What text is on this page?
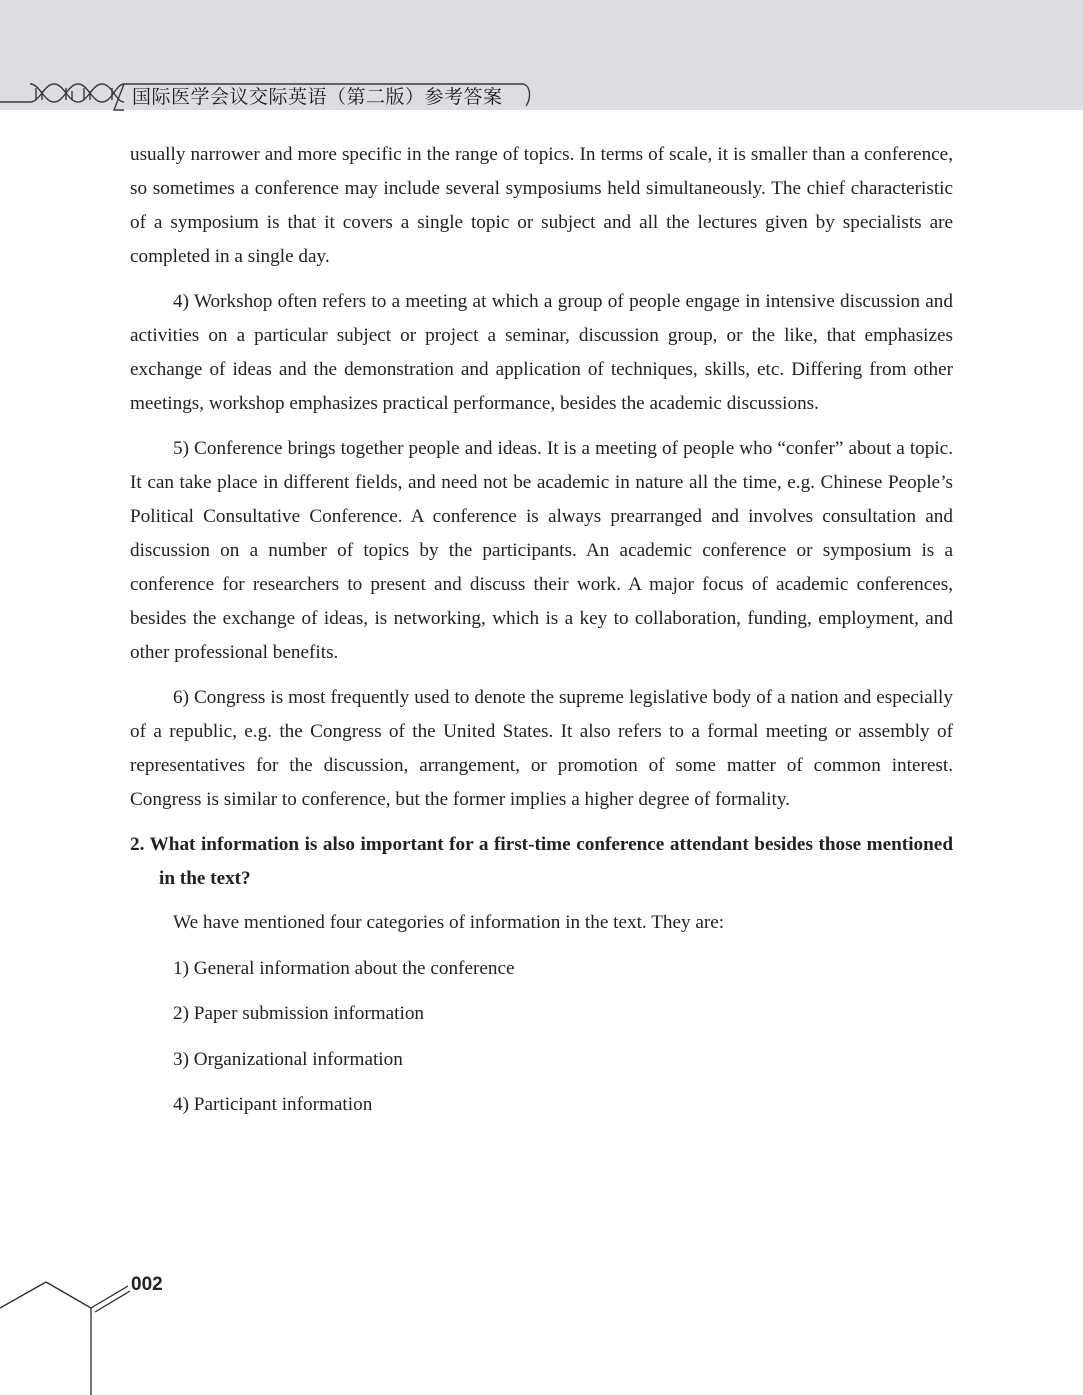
国际医学会议交际英语（第二版）参考答案

usually narrower and more specific in the range of topics. In terms of scale, it is smaller than a conference, so sometimes a conference may include several symposiums held simultaneously. The chief characteristic of a symposium is that it covers a single topic or subject and all the lectures given by specialists are completed in a single day.

4) Workshop often refers to a meeting at which a group of people engage in intensive discussion and activities on a particular subject or project a seminar, discussion group, or the like, that emphasizes exchange of ideas and the demonstration and application of techniques, skills, etc. Differing from other meetings, workshop emphasizes practical performance, besides the academic discussions.

5) Conference brings together people and ideas. It is a meeting of people who “confer” about a topic. It can take place in different fields, and need not be academic in nature all the time, e.g. Chinese People’s Political Consultative Conference. A conference is always prearranged and involves consultation and discussion on a number of topics by the participants. An academic conference or symposium is a conference for researchers to present and discuss their work. A major focus of academic conferences, besides the exchange of ideas, is networking, which is a key to collaboration, funding, employment, and other professional benefits.

6) Congress is most frequently used to denote the supreme legislative body of a nation and especially of a republic, e.g. the Congress of the United States. It also refers to a formal meeting or assembly of representatives for the discussion, arrangement, or promotion of some matter of common interest. Congress is similar to conference, but the former implies a higher degree of formality.

2. What information is also important for a first-time conference attendant besides those mentioned in the text?

We have mentioned four categories of information in the text. They are:

1) General information about the conference

2) Paper submission information

3) Organizational information

4) Participant information

002
